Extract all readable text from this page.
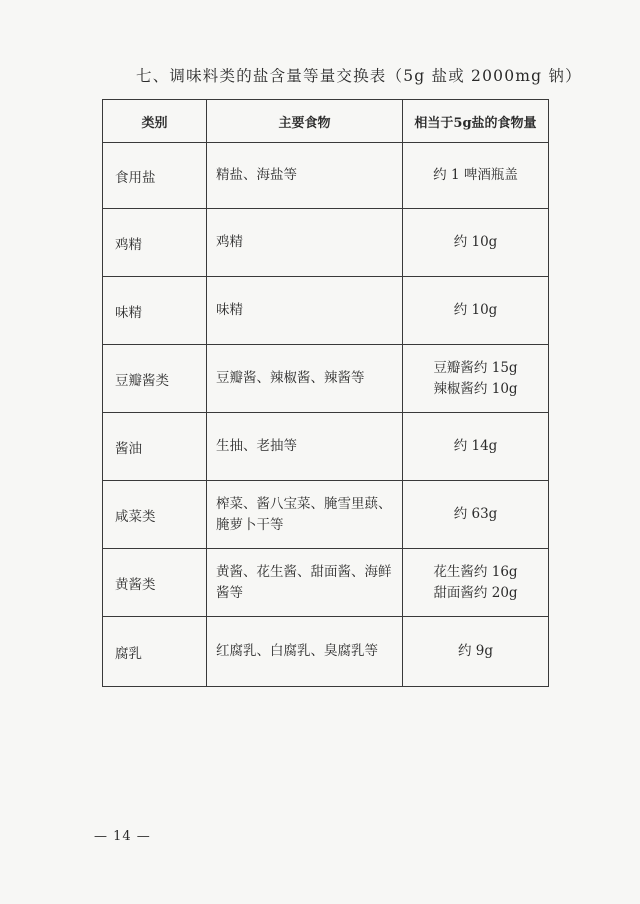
七、调味料类的盐含量等量交换表（5g 盐或 2000mg 钠）
类别	主要食物	相当于5g盐的食物量
食用盐	精盐、海盐等	约 1 啤酒瓶盖

鸡精	鸡精	约 10g

味精	味精	约 10g

豆瓣酱类	豆瓣酱、辣椒酱、辣酱等	豆瓣酱约 15g
辣椒酱约 10g

酱油	生抽、老抽等	约 14g

咸菜类	榨菜、酱八宝菜、腌雪里蕻、腌萝卜干等	约 63g

黄酱类	黄酱、花生酱、甜面酱、海鲜酱等	花生酱约 16g
甜面酱约 20g

腐乳	红腐乳、白腐乳、臭腐乳等	约 9g
— 14 —
